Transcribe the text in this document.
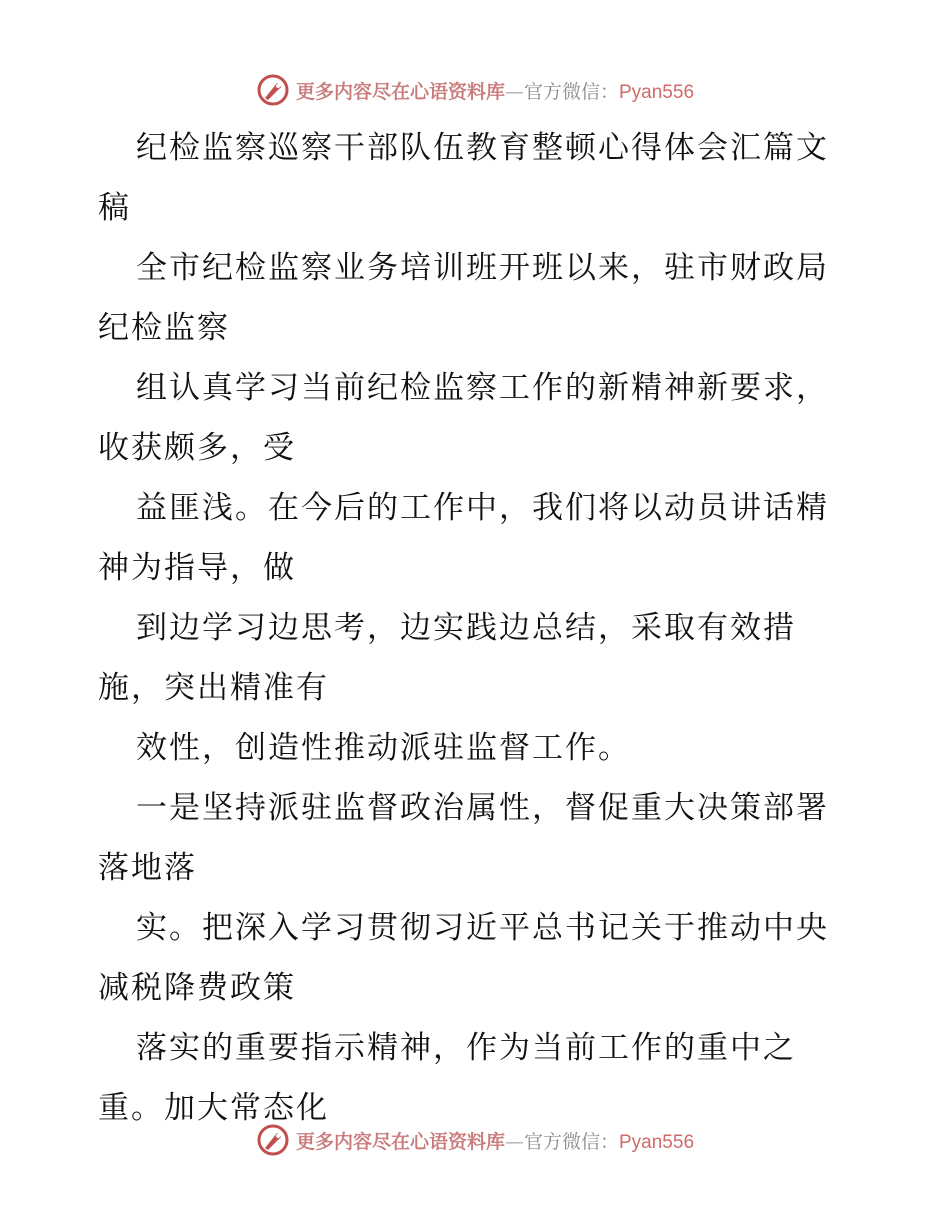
更多内容尽在心语资料库 — 官方微信： Pyan556

纪检监察巡察干部队伍教育整顿心得体会汇篇文
稿

全市纪检监察业务培训班开班以来，驻市财政局
纪检监察

组认真学习当前纪检监察工作的新精神新要求，
收获颇多，受

益匪浅。在今后的工作中，我们将以动员讲话精
神为指导，做

到边学习边思考，边实践边总结，采取有效措
施，突出精准有

效性，创造性推动派驻监督工作。

一是坚持派驻监督政治属性，督促重大决策部署
落地落

实。把深入学习贯彻习近平总书记关于推动中央
减税降费政策

落实的重要指示精神，作为当前工作的重中之
重。加大常态化

更多内容尽在心语资料库 — 官方微信： Pyan556
